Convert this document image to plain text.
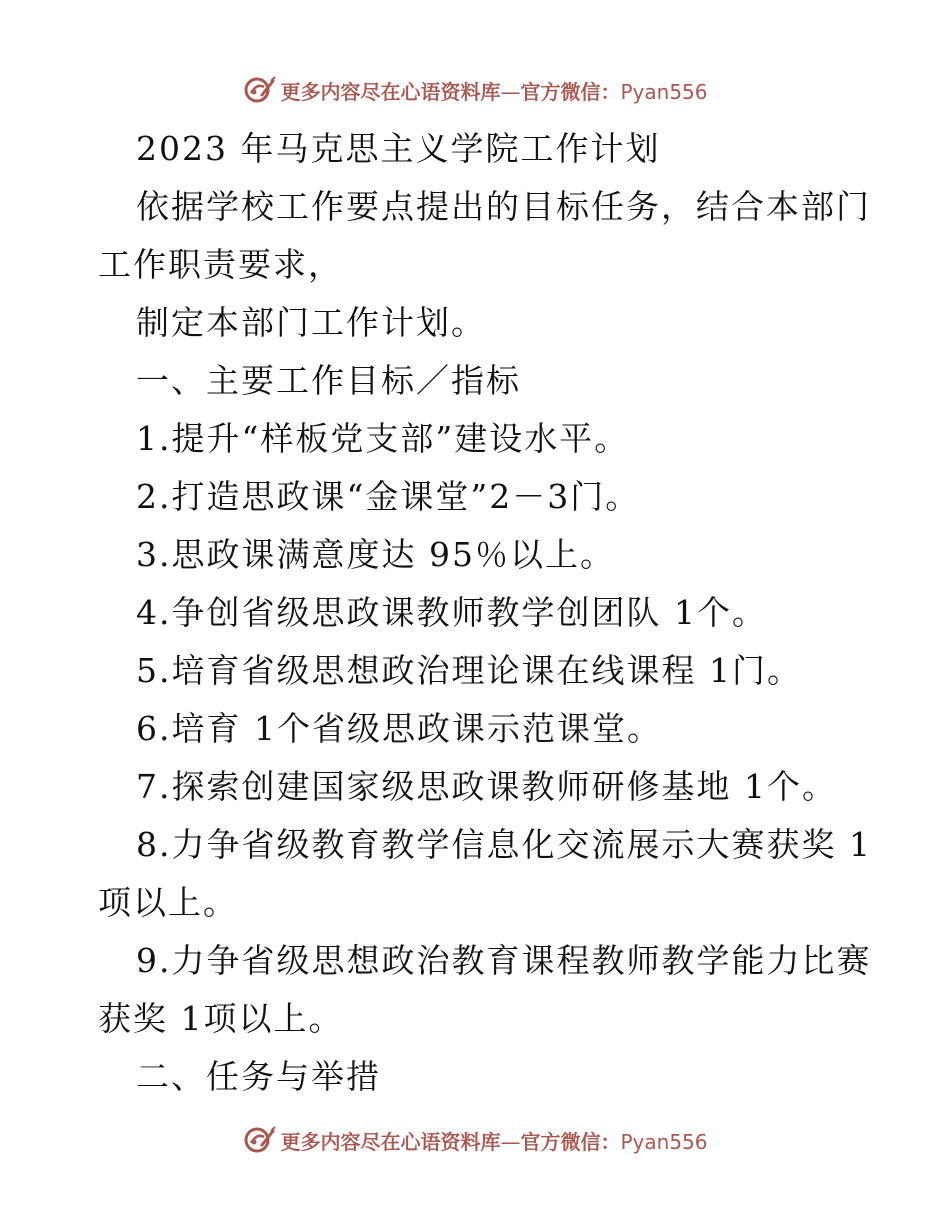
更多内容尽在心语资料库—官方微信：Pyan556
2023 年马克思主义学院工作计划
依据学校工作要点提出的目标任务，结合本部门
工作职责要求，
制定本部门工作计划。
一、主要工作目标／指标
1.提升“样板党支部”建设水平。
2.打造思政课“金课堂”2－3门。
3.思政课满意度达 95％以上。
4.争创省级思政课教师教学创团队 1个。
5.培育省级思想政治理论课在线课程 1门。
6.培育 1个省级思政课示范课堂。
7.探索创建国家级思政课教师研修基地 1个。
8.力争省级教育教学信息化交流展示大赛获奖 1
项以上。
9.力争省级思想政治教育课程教师教学能力比赛
获奖 1项以上。
二、任务与举措
更多内容尽在心语资料库—官方微信：Pyan556
